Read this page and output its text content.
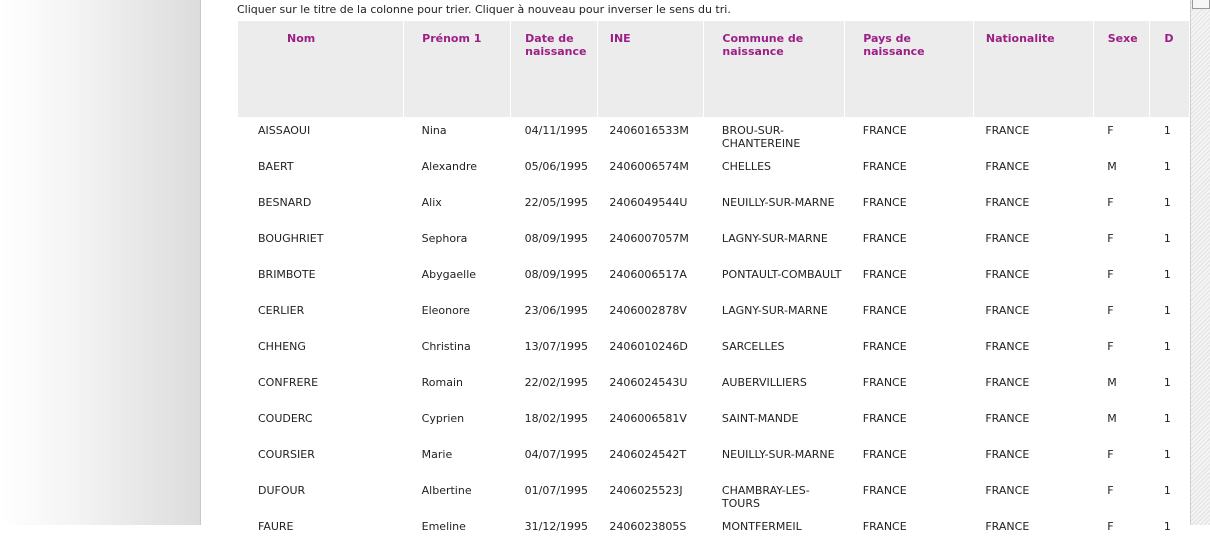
Cliquer sur le titre de la colonne pour trier. Cliquer à nouveau pour inverser le sens du tri.
Nom	Prénom 1	Date de naissance	INE	Commune de naissance	Pays de naissance	Nationalite	Sexe	D

AISSAOUI	Nina	04/11/1995	2406016533M	BROU-SUR-CHANTEREINE	FRANCE	FRANCE	F	1
BAERT	Alexandre	05/06/1995	2406006574M	CHELLES	FRANCE	FRANCE	M	1
BESNARD	Alix	22/05/1995	2406049544U	NEUILLY-SUR-MARNE	FRANCE	FRANCE	F	1
BOUGHRIET	Sephora	08/09/1995	2406007057M	LAGNY-SUR-MARNE	FRANCE	FRANCE	F	1
BRIMBOTE	Abygaelle	08/09/1995	2406006517A	PONTAULT-COMBAULT	FRANCE	FRANCE	F	1
CERLIER	Eleonore	23/06/1995	2406002878V	LAGNY-SUR-MARNE	FRANCE	FRANCE	F	1
CHHENG	Christina	13/07/1995	2406010246D	SARCELLES	FRANCE	FRANCE	F	1
CONFRERE	Romain	22/02/1995	2406024543U	AUBERVILLIERS	FRANCE	FRANCE	M	1
COUDERC	Cyprien	18/02/1995	2406006581V	SAINT-MANDE	FRANCE	FRANCE	M	1
COURSIER	Marie	04/07/1995	2406024542T	NEUILLY-SUR-MARNE	FRANCE	FRANCE	F	1
DUFOUR	Albertine	01/07/1995	2406025523J	CHAMBRAY-LES-TOURS	FRANCE	FRANCE	F	1
FAURE	Emeline	31/12/1995	2406023805S	MONTFERMEIL	FRANCE	FRANCE	F	1
